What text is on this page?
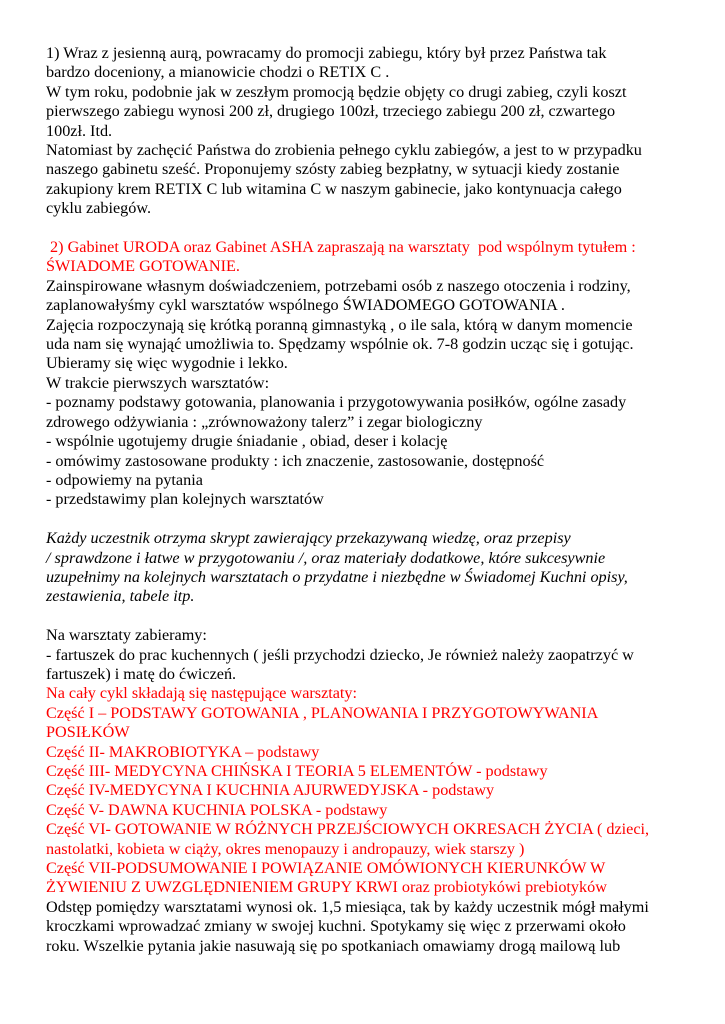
1) Wraz z jesienną aurą, powracamy do promocji zabiegu, który był przez Państwa tak
bardzo doceniony, a mianowicie chodzi o RETIX C .
W tym roku, podobnie jak w zeszłym promocją będzie objęty co drugi zabieg, czyli koszt
pierwszego zabiegu wynosi 200 zł, drugiego 100zł, trzeciego zabiegu 200 zł, czwartego
100zł. Itd.
Natomiast by zachęcić Państwa do zrobienia pełnego cyklu zabiegów, a jest to w przypadku
naszego gabinetu sześć. Proponujemy szósty zabieg bezpłatny, w sytuacji kiedy zostanie
zakupiony krem RETIX C lub witamina C w naszym gabinecie, jako kontynuacja całego
cyklu zabiegów.
2) Gabinet URODA oraz Gabinet ASHA zapraszają na warsztaty  pod wspólnym tytułem :
ŚWIADOME GOTOWANIE.
Zainspirowane własnym doświadczeniem, potrzebami osób z naszego otoczenia i rodziny,
zaplanowałyśmy cykl warsztatów wspólnego ŚWIADOMEGO GOTOWANIA .
Zajęcia rozpoczynają się krótką poranną gimnastyką , o ile sala, którą w danym momencie
uda nam się wynająć umożliwia to. Spędzamy wspólnie ok. 7-8 godzin ucząc się i gotując.
Ubieramy się więc wygodnie i lekko.
W trakcie pierwszych warsztatów:
- poznamy podstawy gotowania, planowania i przygotowywania posiłków, ogólne zasady
zdrowego odżywiania : „zrównoważony talerz” i zegar biologiczny
- wspólnie ugotujemy drugie śniadanie , obiad, deser i kolację
- omówimy zastosowane produkty : ich znaczenie, zastosowanie, dostępność
- odpowiemy na pytania
- przedstawimy plan kolejnych warsztatów
Każdy uczestnik otrzyma skrypt zawierający przekazywaną wiedzę, oraz przepisy
/ sprawdzone i łatwe w przygotowaniu /, oraz materiały dodatkowe, które sukcesywnie
uzupełnimy na kolejnych warsztatach o przydatne i niezbędne w Świadomej Kuchni opisy,
zestawienia, tabele itp.
Na warsztaty zabieramy:
- fartuszek do prac kuchennych ( jeśli przychodzi dziecko, Je również należy zaopatrzyć w
fartuszek) i matę do ćwiczeń.
Na cały cykl składają się następujące warsztaty:
Część I – PODSTAWY GOTOWANIA , PLANOWANIA I PRZYGOTOWYWANIA
POSIŁKÓW
Część II- MAKROBIOTYKA – podstawy
Część III- MEDYCYNA CHIŃSKA I TEORIA 5 ELEMENTÓW - podstawy
Część IV-MEDYCYNA I KUCHNIA AJURWEDYJSKA - podstawy
Część V- DAWNA KUCHNIA POLSKA - podstawy
Część VI- GOTOWANIE W RÓŻNYCH PRZEJŚCIOWYCH OKRESACH ŻYCIA ( dzieci,
nastolatki, kobieta w ciąży, okres menopauzy i andropauzy, wiek starszy )
Część VII-PODSUMOWANIE I POWIĄZANIE OMÓWIONYCH KIERUNKÓW W
ŻYWIENIU Z UWZGLĘDNIENIEM GRUPY KRWI oraz probiotykówi prebiotyków
Odstęp pomiędzy warsztatami wynosi ok. 1,5 miesiąca, tak by każdy uczestnik mógł małymi
kroczkami wprowadzać zmiany w swojej kuchni. Spotykamy się więc z przerwami około
roku. Wszelkie pytania jakie nasuwają się po spotkaniach omawiamy drogą mailową lub
